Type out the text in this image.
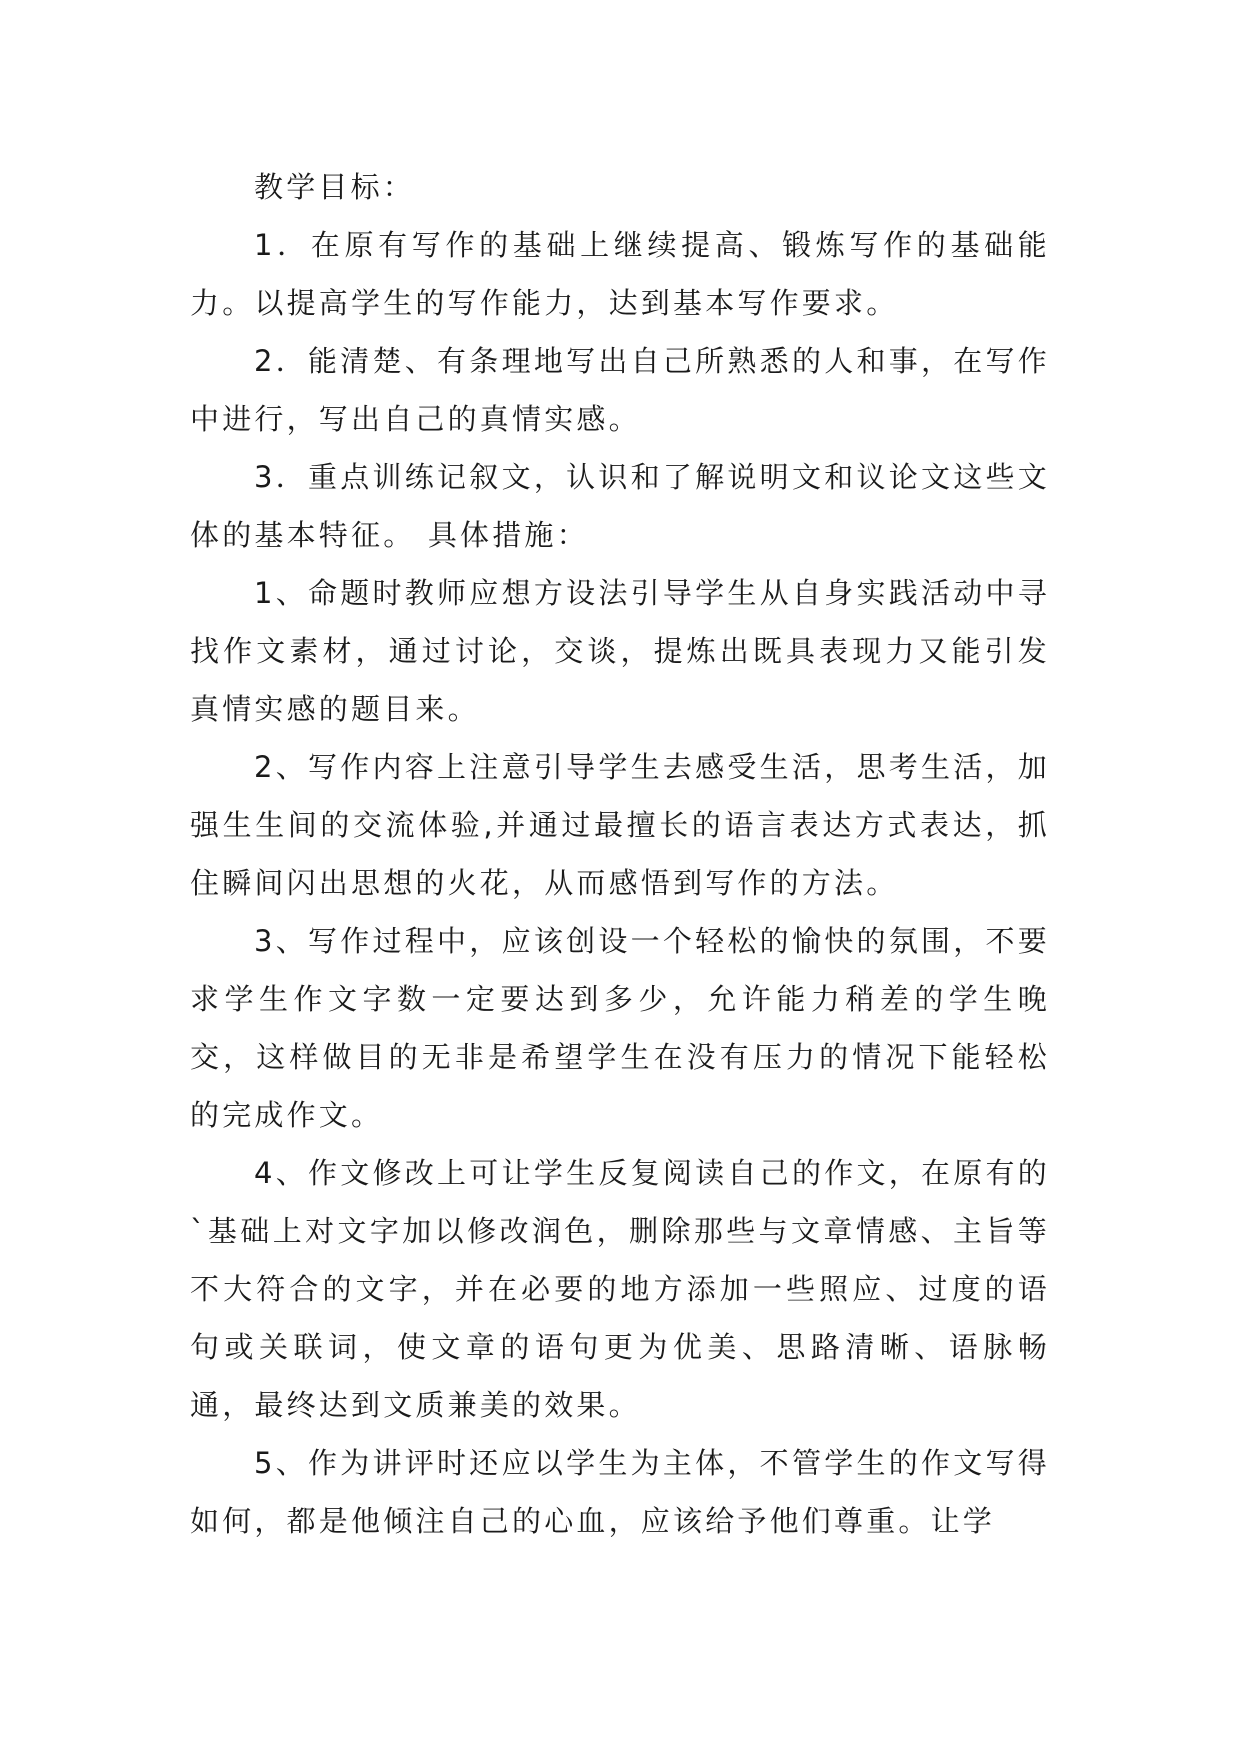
教学目标：

1．在原有写作的基础上继续提高、锻炼写作的基础能力。以提高学生的写作能力，达到基本写作要求。

2．能清楚、有条理地写出自己所熟悉的人和事，在写作中进行，写出自己的真情实感。

3．重点训练记叙文，认识和了解说明文和议论文这些文体的基本特征。 具体措施：

1、命题时教师应想方设法引导学生从自身实践活动中寻找作文素材，通过讨论，交谈，提炼出既具表现力又能引发真情实感的题目来。

2、写作内容上注意引导学生去感受生活，思考生活，加强生生间的交流体验,并通过最擅长的语言表达方式表达，抓住瞬间闪出思想的火花，从而感悟到写作的方法。

3、写作过程中，应该创设一个轻松的愉快的氛围，不要求学生作文字数一定要达到多少，允许能力稍差的学生晚交，这样做目的无非是希望学生在没有压力的情况下能轻松的完成作文。

4、作文修改上可让学生反复阅读自己的作文，在原有的`基础上对文字加以修改润色，删除那些与文章情感、主旨等不大符合的文字，并在必要的地方添加一些照应、过度的语句或关联词，使文章的语句更为优美、思路清晰、语脉畅通，最终达到文质兼美的效果。

5、作为讲评时还应以学生为主体，不管学生的作文写得如何，都是他倾注自己的心血，应该给予他们尊重。让学
